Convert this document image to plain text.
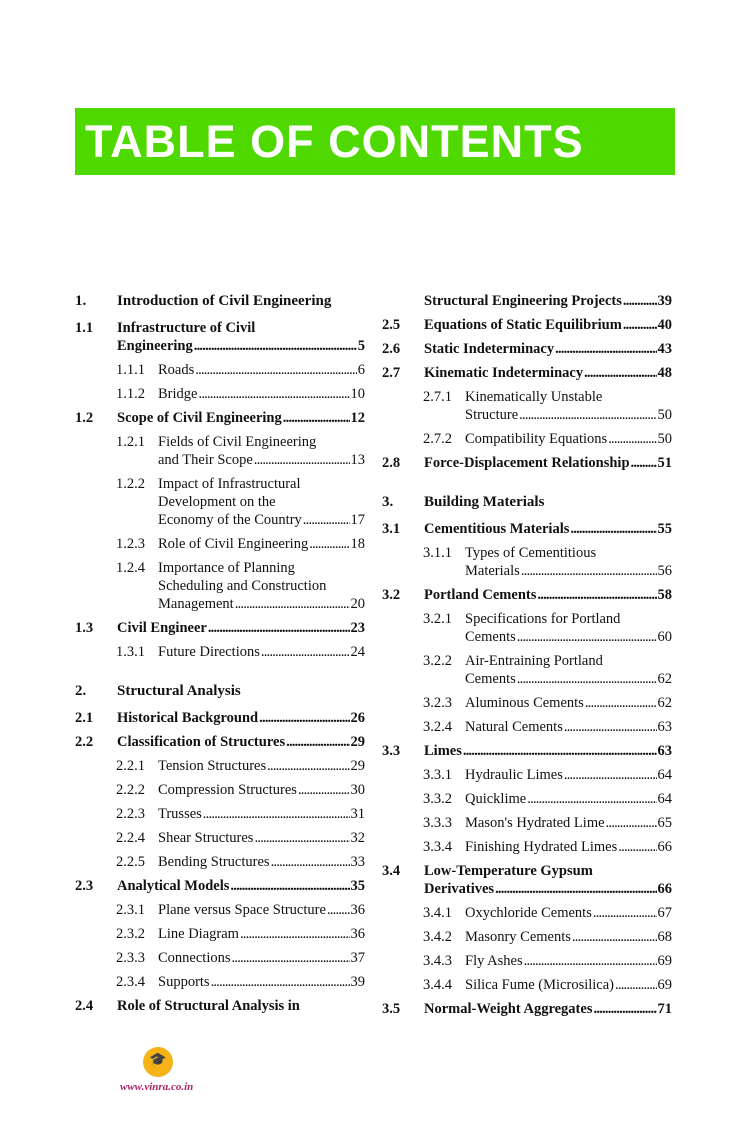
TABLE OF CONTENTS
1. Introduction of Civil Engineering
1.1 Infrastructure of Civil
Engineering . . .	5
1.1.1 Roads . . .	6
1.1.2 Bridge . . .	10
1.2 Scope of Civil Engineering . . .	12
1.2.1 Fields of Civil Engineering
and Their Scope . . .	13
1.2.2 Impact of Infrastructural
Development on the
Economy of the Country . . .	17
1.2.3 Role of Civil Engineering . . .	18
1.2.4 Importance of Planning
Scheduling and Construction
Management . . .	20
1.3 Civil Engineer . . .	23
1.3.1 Future Directions . . .	24
2. Structural Analysis
2.1 Historical Background . . .	26
2.2 Classification of Structures . . .	29
2.2.1 Tension Structures . . .	29
2.2.2 Compression Structures . . .	30
2.2.3 Trusses . . .	31
2.2.4 Shear Structures . . .	32
2.2.5 Bending Structures . . .	33
2.3 Analytical Models . . .	35
2.3.1 Plane versus Space Structure . . . 36
2.3.2 Line Diagram . . .	36
2.3.3 Connections . . .	37
2.3.4 Supports . . .	39
2.4 Role of Structural Analysis in
Structural Engineering Projects . . . 39
2.5 Equations of Static Equilibrium . . . 40
2.6 Static Indeterminacy . . .	43
2.7 Kinematic Indeterminacy . . .	48
2.7.1 Kinematically Unstable
Structure . . .	50
2.7.2 Compatibility Equations . . .	50
2.8 Force-Displacement Relationship . . . 51
3. Building Materials
3.1 Cementitious Materials . . .	55
3.1.1 Types of Cementitious
Materials . . .	56
3.2 Portland Cements . . .	58
3.2.1 Specifications for Portland
Cements . . .	60
3.2.2 Air-Entraining Portland
Cements . . .	62
3.2.3 Aluminous Cements . . .	62
3.2.4 Natural Cements . . .	63
3.3 Limes . . .	63
3.3.1 Hydraulic Limes . . .	64
3.3.2 Quicklime . . .	64
3.3.3 Mason's Hydrated Lime . . .	65
3.3.4 Finishing Hydrated Limes . . .	66
3.4 Low-Temperature Gypsum
Derivatives . . .	66
3.4.1 Oxychloride Cements . . .	67
3.4.2 Masonry Cements . . .	68
3.4.3 Fly Ashes . . .	69
3.4.4 Silica Fume (Microsilica) . . .	69
3.5 Normal-Weight Aggregates . . .	71
🎓
www.vinra.co.in
